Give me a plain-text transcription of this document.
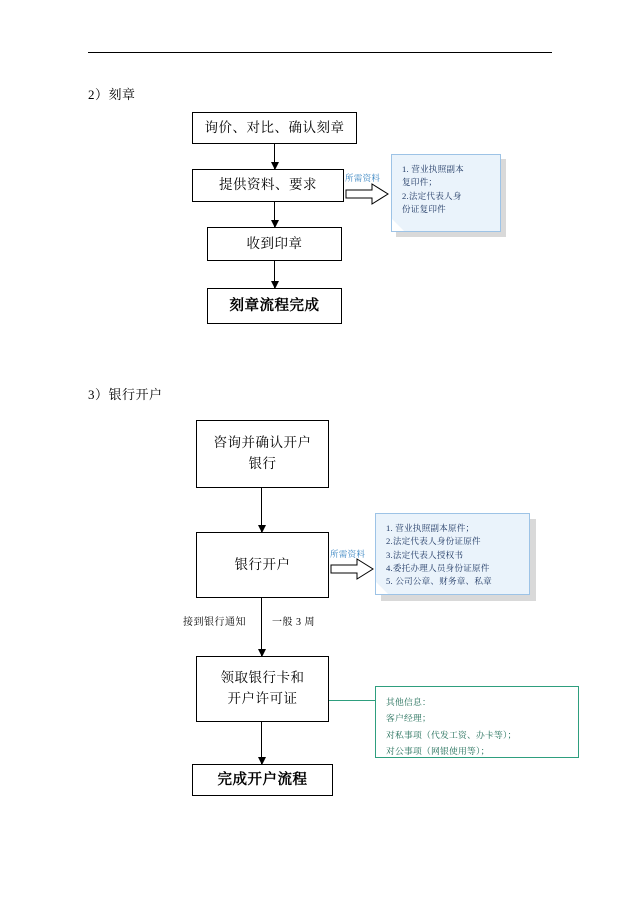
2）刻章
询价、对比、确认刻章
提供资料、要求
收到印章
刻章流程完成
所需资料

1. 营业执照副本

复印件；

2.法定代表人身

份证复印件

3）银行开户
咨询并确认开户
银行
银行开户
所需资料

1. 营业执照副本原件；

2.法定代表人身份证原件

3.法定代表人授权书

4.委托办理人员身份证原件

5. 公司公章、财务章、私章

接到银行通知	一般 3 周
领取银行卡和
开户许可证	其他信息：

客户经理；

对私事项（代发工资、办卡等）；

对公事项（网银使用等）；

完成开户流程
